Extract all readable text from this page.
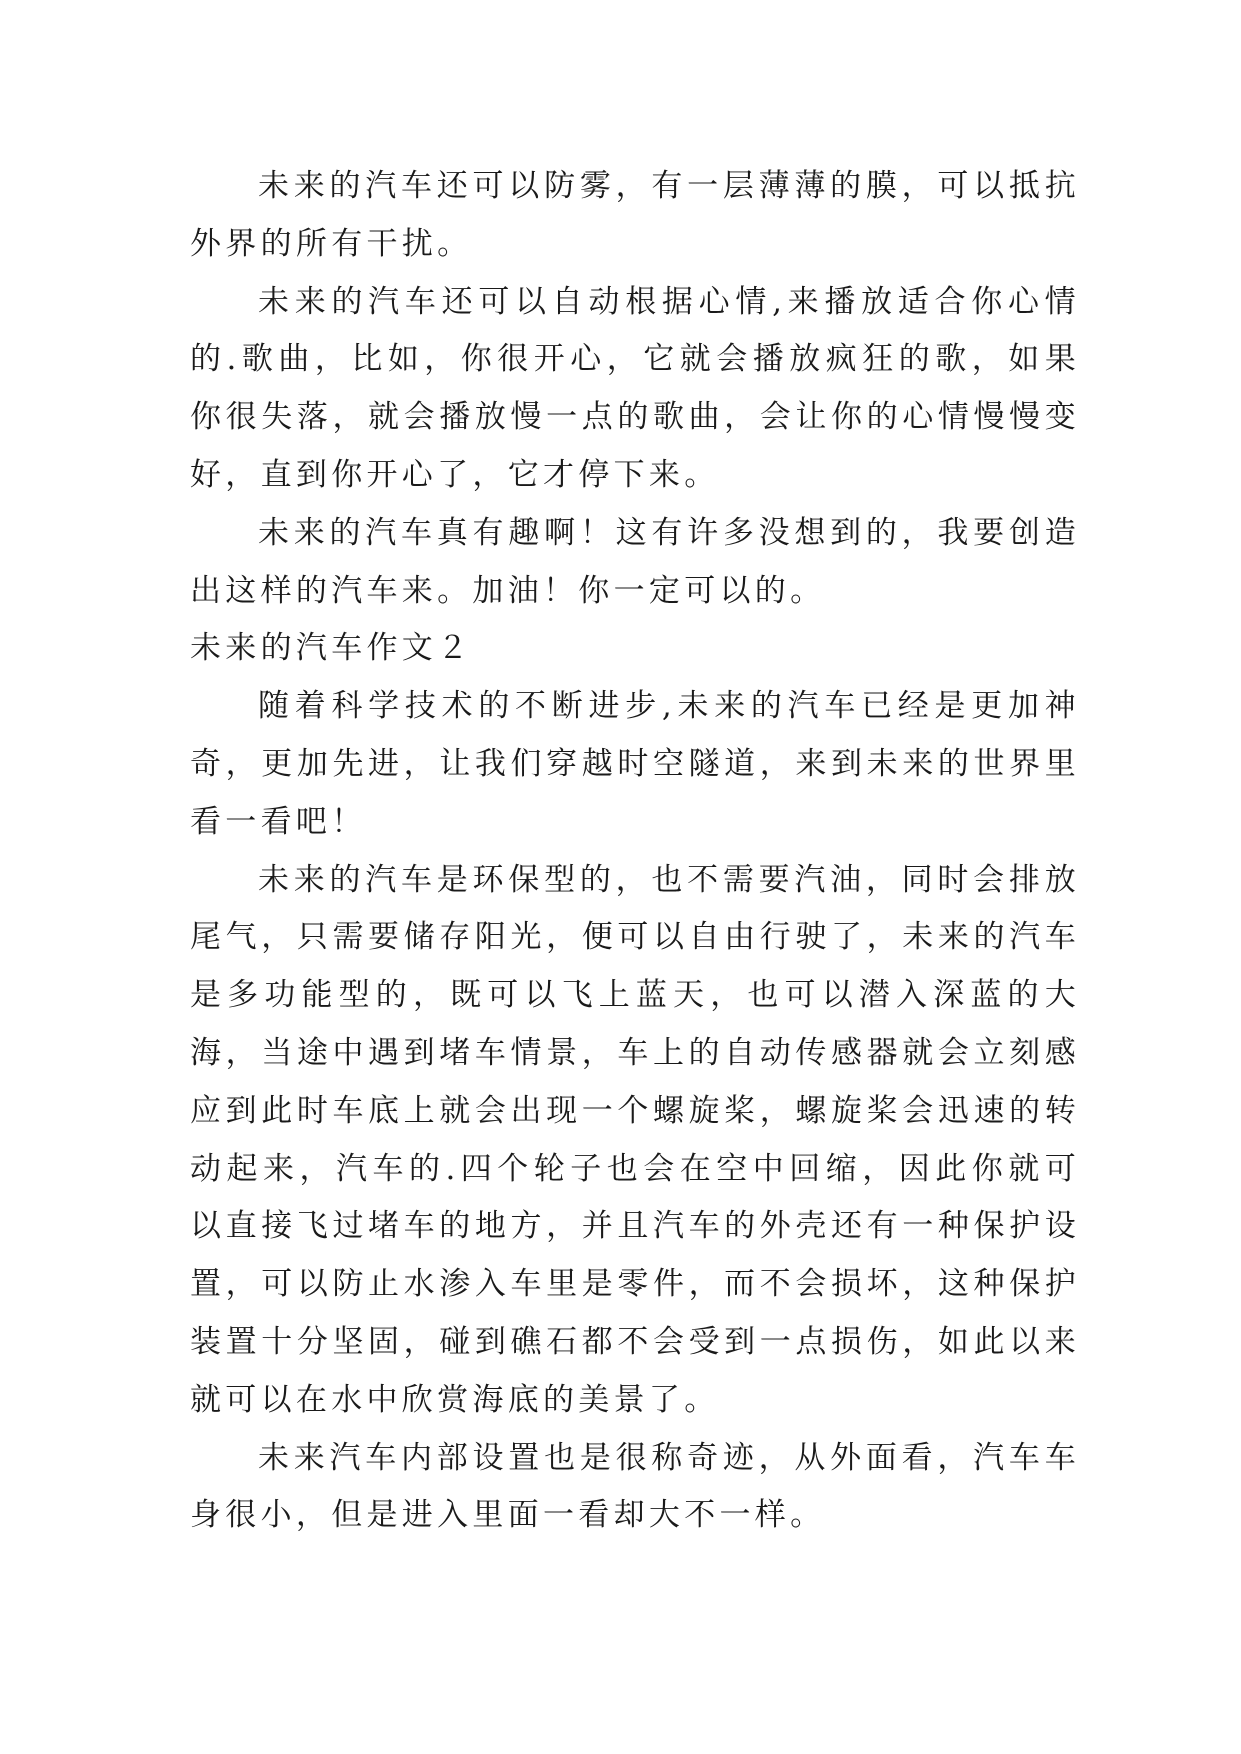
未来的汽车还可以防雾，有一层薄薄的膜，可以抵抗外界的所有干扰。

未来的汽车还可以自动根据心情,来播放适合你心情的.歌曲，比如，你很开心，它就会播放疯狂的歌，如果你很失落，就会播放慢一点的歌曲，会让你的心情慢慢变好，直到你开心了，它才停下来。

未来的汽车真有趣啊！这有许多没想到的，我要创造出这样的汽车来。加油！你一定可以的。

未来的汽车作文２

随着科学技术的不断进步,未来的汽车已经是更加神奇，更加先进，让我们穿越时空隧道，来到未来的世界里看一看吧！

未来的汽车是环保型的，也不需要汽油，同时会排放尾气，只需要储存阳光，便可以自由行驶了，未来的汽车是多功能型的，既可以飞上蓝天，也可以潜入深蓝的大海，当途中遇到堵车情景，车上的自动传感器就会立刻感应到此时车底上就会出现一个螺旋桨，螺旋桨会迅速的转动起来，汽车的.四个轮子也会在空中回缩，因此你就可以直接飞过堵车的地方，并且汽车的外壳还有一种保护设置，可以防止水渗入车里是零件，而不会损坏，这种保护装置十分坚固，碰到礁石都不会受到一点损伤，如此以来就可以在水中欣赏海底的美景了。

未来汽车内部设置也是很称奇迹，从外面看，汽车车身很小，但是进入里面一看却大不一样。
